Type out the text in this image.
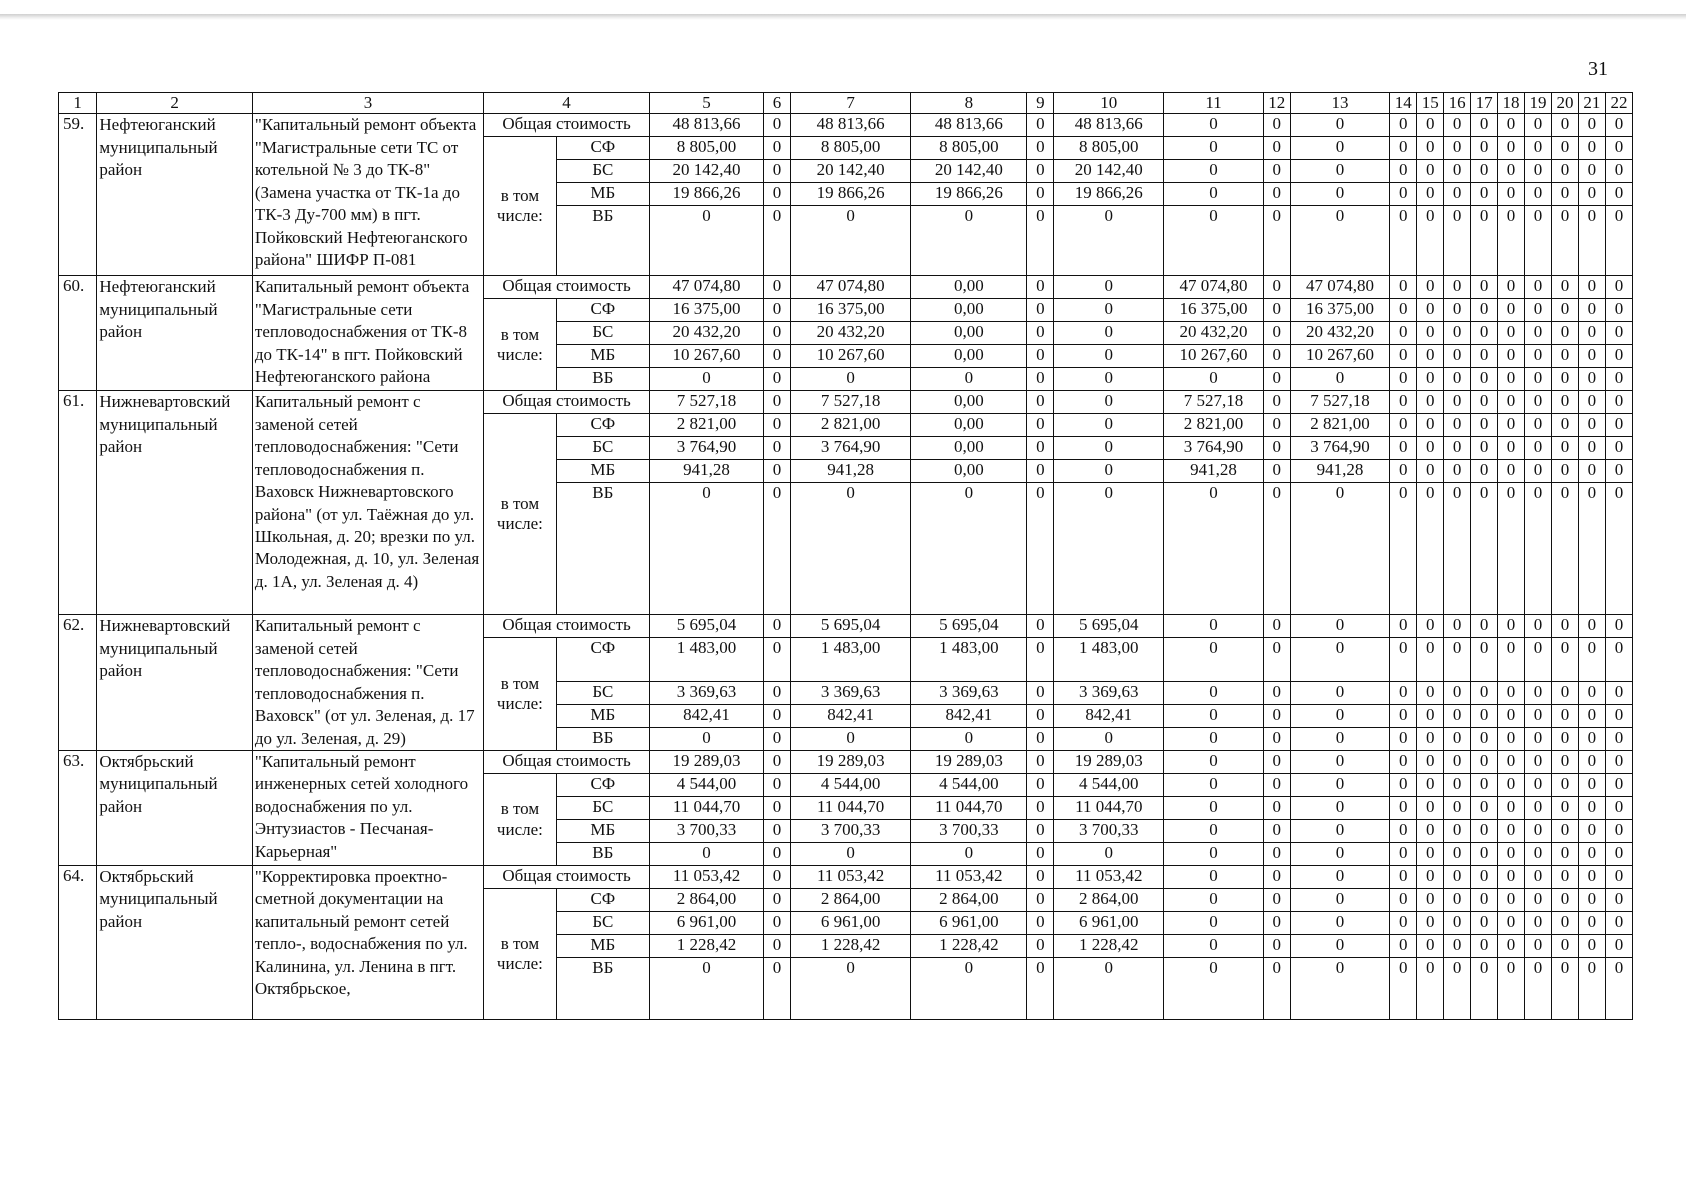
31
1	2	3	4		5	6	7	8	9	10	11	12	13	14	15	16	17	18	19	20	21	22
59.	Нефтеюганский муниципальный район	"Капитальный ремонт объекта "Магистральные сети ТС от котельной № 3 до ТК-8" (Замена участка от ТК-1а до ТК-3 Ду-700 мм) в пгт. Пойковский Нефтеюганского района" ШИФР П-081	Общая стоимость		48 813,66	0	48 813,66	48 813,66	0	48 813,66	0	0	0	0	0	0	0	0	0	0	0	0
			в том числе:	СФ	8 805,00	0	8 805,00	8 805,00	0	8 805,00	0	0	0	0	0	0	0	0	0	0	0	0
				БС	20 142,40	0	20 142,40	20 142,40	0	20 142,40	0	0	0	0	0	0	0	0	0	0	0	0
				МБ	19 866,26	0	19 866,26	19 866,26	0	19 866,26	0	0	0	0	0	0	0	0	0	0	0	0
				ВБ	0	0	0	0	0	0	0	0	0	0	0	0	0	0	0	0	0	0
60.	Нефтеюганский муниципальный район	Капитальный ремонт объекта "Магистральные сети тепловодоснабжения от ТК-8 до ТК-14" в пгт. Пойковский Нефтеюганского района	Общая стоимость		47 074,80	0	47 074,80	0,00	0	0	47 074,80	0	47 074,80	0	0	0	0	0	0	0	0	0
			в том числе:	СФ	16 375,00	0	16 375,00	0,00	0	0	16 375,00	0	16 375,00	0	0	0	0	0	0	0	0	0
				БС	20 432,20	0	20 432,20	0,00	0	0	20 432,20	0	20 432,20	0	0	0	0	0	0	0	0	0
				МБ	10 267,60	0	10 267,60	0,00	0	0	10 267,60	0	10 267,60	0	0	0	0	0	0	0	0	0
				ВБ	0	0	0	0	0	0	0	0	0	0	0	0	0	0	0	0	0	0
61.	Нижневартовский муниципальный район	Капитальный ремонт с заменой сетей тепловодоснабжения: "Сети тепловодоснабжения п. Ваховск Нижневартовского района" (от ул. Таёжная до ул. Школьная, д. 20; врезки по ул. Молодежная, д. 10, ул. Зеленая д. 1А, ул. Зеленая д. 4)	Общая стоимость		7 527,18	0	7 527,18	0,00	0	0	7 527,18	0	7 527,18	0	0	0	0	0	0	0	0	0
			в том числе:	СФ	2 821,00	0	2 821,00	0,00	0	0	2 821,00	0	2 821,00	0	0	0	0	0	0	0	0	0
				БС	3 764,90	0	3 764,90	0,00	0	0	3 764,90	0	3 764,90	0	0	0	0	0	0	0	0	0
				МБ	941,28	0	941,28	0,00	0	0	941,28	0	941,28	0	0	0	0	0	0	0	0	0
				ВБ	0	0	0	0	0	0	0	0	0	0	0	0	0	0	0	0	0	0
62.	Нижневартовский муниципальный район	Капитальный ремонт с заменой сетей тепловодоснабжения: "Сети тепловодоснабжения п. Ваховск" (от ул. Зеленая, д. 17 до ул. Зеленая, д. 29)	Общая стоимость		5 695,04	0	5 695,04	5 695,04	0	5 695,04	0	0	0	0	0	0	0	0	0	0	0	0
			в том числе:	СФ	1 483,00	0	1 483,00	1 483,00	0	1 483,00	0	0	0	0	0	0	0	0	0	0	0	0
				БС	3 369,63	0	3 369,63	3 369,63	0	3 369,63	0	0	0	0	0	0	0	0	0	0	0	0
				МБ	842,41	0	842,41	842,41	0	842,41	0	0	0	0	0	0	0	0	0	0	0	0
				ВБ	0	0	0	0	0	0	0	0	0	0	0	0	0	0	0	0	0	0
63.	Октябрьский муниципальный район	"Капитальный ремонт инженерных сетей холодного водоснабжения по ул. Энтузиастов - Песчаная-Карьерная"	Общая стоимость		19 289,03	0	19 289,03	19 289,03	0	19 289,03	0	0	0	0	0	0	0	0	0	0	0	0
			в том числе:	СФ	4 544,00	0	4 544,00	4 544,00	0	4 544,00	0	0	0	0	0	0	0	0	0	0	0	0
				БС	11 044,70	0	11 044,70	11 044,70	0	11 044,70	0	0	0	0	0	0	0	0	0	0	0	0
				МБ	3 700,33	0	3 700,33	3 700,33	0	3 700,33	0	0	0	0	0	0	0	0	0	0	0	0
				ВБ	0	0	0	0	0	0	0	0	0	0	0	0	0	0	0	0	0	0
64.	Октябрьский муниципальный район	"Корректировка проектно-сметной документации на капитальный ремонт сетей тепло-, водоснабжения по ул. Калинина, ул. Ленина в пгт. Октябрьское,	Общая стоимость		11 053,42	0	11 053,42	11 053,42	0	11 053,42	0	0	0	0	0	0	0	0	0	0	0	0
			в том числе:	СФ	2 864,00	0	2 864,00	2 864,00	0	2 864,00	0	0	0	0	0	0	0	0	0	0	0	0
				БС	6 961,00	0	6 961,00	6 961,00	0	6 961,00	0	0	0	0	0	0	0	0	0	0	0	0
				МБ	1 228,42	0	1 228,42	1 228,42	0	1 228,42	0	0	0	0	0	0	0	0	0	0	0	0
				ВБ	0	0	0	0	0	0	0	0	0	0	0	0	0	0	0	0	0	0
